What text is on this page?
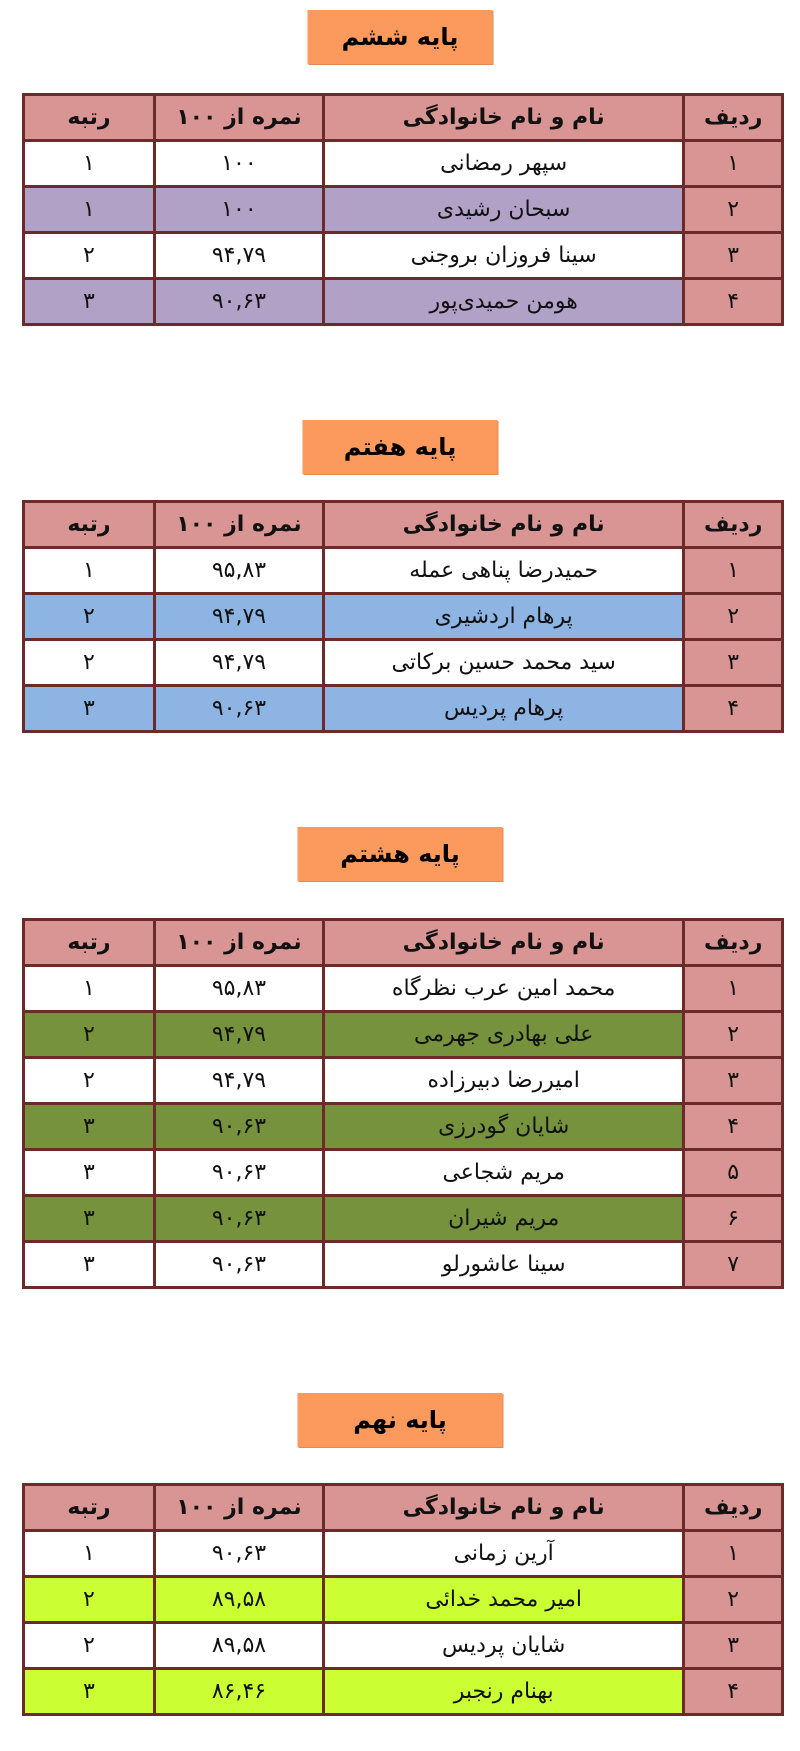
پایه ششم
ردیف	نام و نام خانوادگی	نمره از ۱۰۰	رتبه
۱	سپهر رمضانی	۱۰۰	۱
۲	سبحان رشیدی	۱۰۰	۱
۳	سینا فروزان بروجنی	۹۴,۷۹	۲
۴	هومن حمیدی‌پور	۹۰,۶۳	۳
پایه هفتم
ردیف	نام و نام خانوادگی	نمره از ۱۰۰	رتبه
۱	حمیدرضا پناهی عمله	۹۵,۸۳	۱
۲	پرهام اردشیری	۹۴,۷۹	۲
۳	سید محمد حسین برکاتی	۹۴,۷۹	۲
۴	پرهام پردیس	۹۰,۶۳	۳
پایه هشتم
ردیف	نام و نام خانوادگی	نمره از ۱۰۰	رتبه
۱	محمد امین عرب نظرگاه	۹۵,۸۳	۱
۲	علی بهادری جهرمی	۹۴,۷۹	۲
۳	امیررضا دبیرزاده	۹۴,۷۹	۲
۴	شایان گودرزی	۹۰,۶۳	۳
۵	مریم شجاعی	۹۰,۶۳	۳
۶	مریم شیران	۹۰,۶۳	۳
۷	سینا عاشورلو	۹۰,۶۳	۳
پایه نهم
ردیف	نام و نام خانوادگی	نمره از ۱۰۰	رتبه
۱	آرین زمانی	۹۰,۶۳	۱
۲	امیر محمد خدائی	۸۹,۵۸	۲
۳	شایان پردیس	۸۹,۵۸	۲
۴	بهنام رنجبر	۸۶,۴۶	۳
